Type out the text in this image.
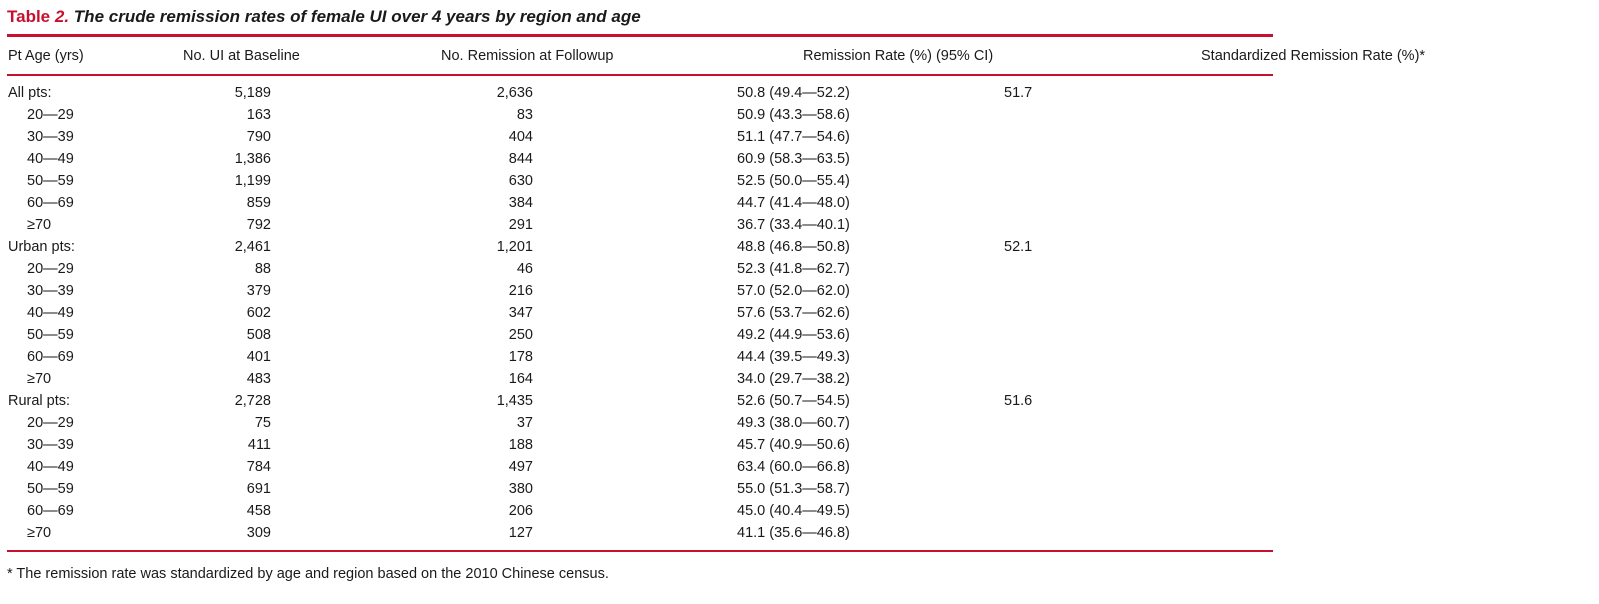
Table 2. The crude remission rates of female UI over 4 years by region and age
Pt Age (yrs)	No. UI at Baseline	No. Remission at Followup	Remission Rate (%) (95% CI)	Standardized Remission Rate (%)*

All pts:	5,189	2,636	50.8 (49.4—52.2)	51.7
20—29	163	83	50.9 (43.3—58.6)	
30—39	790	404	51.1 (47.7—54.6)	
40—49	1,386	844	60.9 (58.3—63.5)	
50—59	1,199	630	52.5 (50.0—55.4)	
60—69	859	384	44.7 (41.4—48.0)	
≥70	792	291	36.7 (33.4—40.1)	
Urban pts:	2,461	1,201	48.8 (46.8—50.8)	52.1
20—29	88	46	52.3 (41.8—62.7)	
30—39	379	216	57.0 (52.0—62.0)	
40—49	602	347	57.6 (53.7—62.6)	
50—59	508	250	49.2 (44.9—53.6)	
60—69	401	178	44.4 (39.5—49.3)	
≥70	483	164	34.0 (29.7—38.2)	
Rural pts:	2,728	1,435	52.6 (50.7—54.5)	51.6
20—29	75	37	49.3 (38.0—60.7)	
30—39	411	188	45.7 (40.9—50.6)	
40—49	784	497	63.4 (60.0—66.8)	
50—59	691	380	55.0 (51.3—58.7)	
60—69	458	206	45.0 (40.4—49.5)	
≥70	309	127	41.1 (35.6—46.8)	
* The remission rate was standardized by age and region based on the 2010 Chinese census.
